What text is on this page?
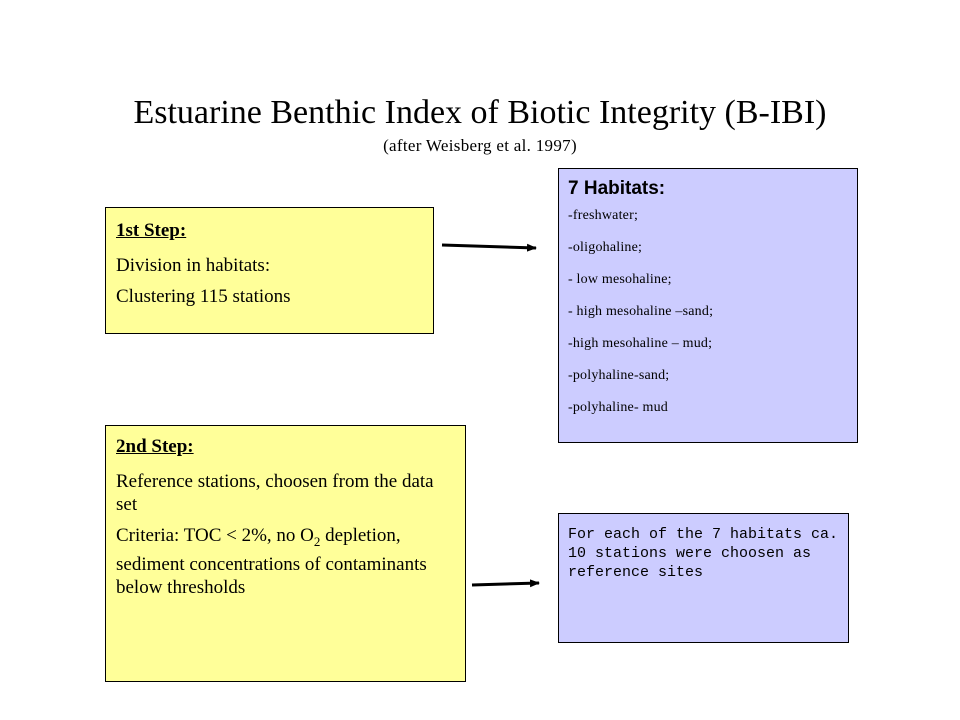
Estuarine Benthic Index of Biotic Integrity (B-IBI)
(after Weisberg et al. 1997)
1st Step:

Division in habitats:

Clustering 115 stations

7 Habitats:
-freshwater;
-oligohaline;
- low mesohaline;
- high mesohaline –sand;
-high mesohaline – mud;
-polyhaline-sand;
-polyhaline- mud
2nd Step:

Reference stations, choosen from the data set

Criteria: TOC < 2%, no $O_2$ depletion, sediment concentrations of contaminants below thresholds

For each of the 7 habitats ca. 10 stations were choosen as reference sites
